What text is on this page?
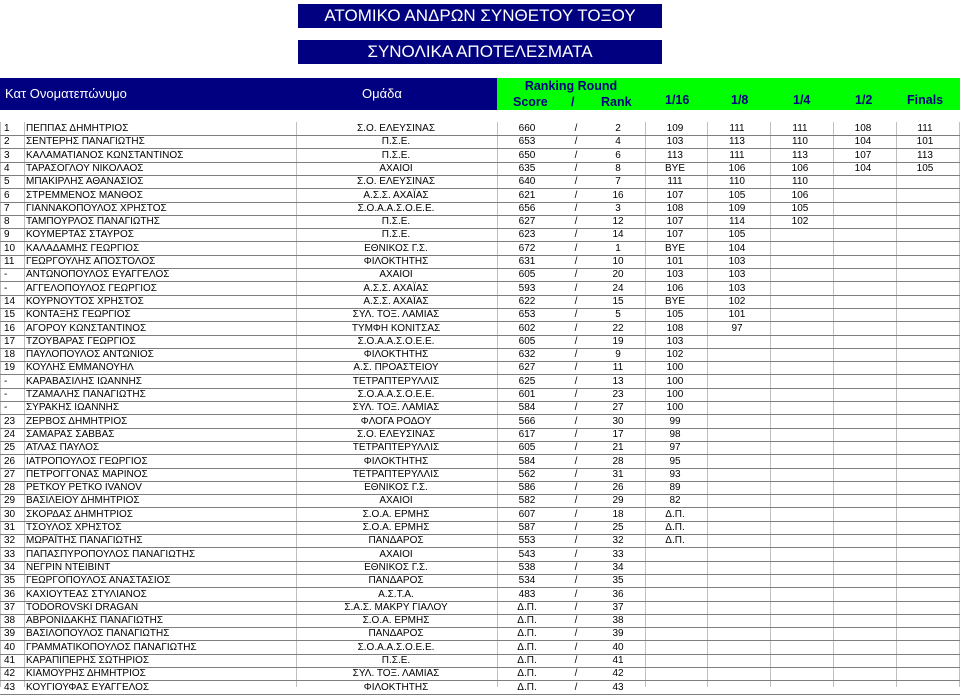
ΑΤΟΜΙΚΟ ΑΝΔΡΩΝ ΣΥΝΘΕΤΟΥ ΤΟΞΟΥ
ΣΥΝΟΛΙΚΑ ΑΠΟΤΕΛΕΣΜΑΤΑ
Κατ Ονοματεπώνυμο	Ομάδα	Ranking Round
Score / Rank	1/16	1/8	1/4	1/2	Finals
1	ΠΕΠΠΑΣ ΔΗΜΗΤΡΙΟΣ	Σ.Ο. ΕΛΕΥΣΙΝΑΣ	660	/	2	109	111	111	108	111
2	ΣΕΝΤΕΡΗΣ ΠΑΝΑΓΙΩΤΗΣ	Π.Σ.Ε.	653	/	4	103	113	110	104	101
3	ΚΑΛΑΜΑΤΙΑΝΟΣ ΚΩΝΣΤΑΝΤΙΝΟΣ	Π.Σ.Ε.	650	/	6	113	111	113	107	113
4	ΤΑΡΑΣΟΓΛΟΥ ΝΙΚΟΛΑΟΣ	ΑΧΑΙΟΙ	635	/	8	BYE	106	106	104	105
5	ΜΠΑΚΙΡΛΗΣ ΑΘΑΝΑΣΙΟΣ	Σ.Ο. ΕΛΕΥΣΙΝΑΣ	640	/	7	111	110	110
6	ΣΤΡΕΜΜΕΝΟΣ ΜΑΝΘΟΣ	Α.Σ.Σ. ΑΧΑΪΑΣ	621	/	16	107	105	106
7	ΓΙΑΝΝΑΚΟΠΟΥΛΟΣ ΧΡΗΣΤΟΣ	Σ.Ο.Α.Α.Σ.Ο.Ε.Ε.	656	/	3	108	109	105
8	ΤΑΜΠΟΥΡΛΟΣ ΠΑΝΑΓΙΩΤΗΣ	Π.Σ.Ε.	627	/	12	107	114	102
9	ΚΟΥΜΕΡΤΑΣ ΣΤΑΥΡΟΣ	Π.Σ.Ε.	623	/	14	107	105
10	ΚΑΛΑΔΑΜΗΣ ΓΕΩΡΓΙΟΣ	ΕΘΝΙΚΟΣ Γ.Σ.	672	/	1	BYE	104
11	ΓΕΩΡΓΟΥΛΗΣ ΑΠΟΣΤΟΛΟΣ	ΦΙΛΟΚΤΗΤΗΣ	631	/	10	101	103
-	ΑΝΤΩΝΟΠΟΥΛΟΣ ΕΥΑΓΓΕΛΟΣ	ΑΧΑΙΟΙ	605	/	20	103	103
-	ΑΓΓΕΛΟΠΟΥΛΟΣ ΓΕΩΡΓΙΟΣ	Α.Σ.Σ. ΑΧΑΪΑΣ	593	/	24	106	103
14	ΚΟΥΡΝΟΥΤΟΣ ΧΡΗΣΤΟΣ	Α.Σ.Σ. ΑΧΑΪΑΣ	622	/	15	BYE	102
15	ΚΟΝΤΑΞΗΣ ΓΕΩΡΓΙΟΣ	ΣΥΛ. ΤΟΞ. ΛΑΜΙΑΣ	653	/	5	105	101
16	ΑΓΟΡΟΥ ΚΩΝΣΤΑΝΤΙΝΟΣ	ΤΥΜΦΗ ΚΟΝΙΤΣΑΣ	602	/	22	108	97
17	ΤΖΟΥΒΑΡΑΣ ΓΕΩΡΓΙΟΣ	Σ.Ο.Α.Α.Σ.Ο.Ε.Ε.	605	/	19	103
18	ΠΑΥΛΟΠΟΥΛΟΣ ΑΝΤΩΝΙΟΣ	ΦΙΛΟΚΤΗΤΗΣ	632	/	9	102
19	ΚΟΥΛΗΣ ΕΜΜΑΝΟΥΗΛ	Α.Σ. ΠΡΟΑΣΤΕΙΟΥ	627	/	11	100
-	ΚΑΡΑΒΑΣΙΛΗΣ ΙΩΑΝΝΗΣ	ΤΕΤΡΑΠΤΕΡΥΛΛΙΣ	625	/	13	100
-	ΤΖΑΜΑΛΗΣ ΠΑΝΑΓΙΩΤΗΣ	Σ.Ο.Α.Α.Σ.Ο.Ε.Ε.	601	/	23	100
-	ΣΥΡΑΚΗΣ ΙΩΑΝΝΗΣ	ΣΥΛ. ΤΟΞ. ΛΑΜΙΑΣ	584	/	27	100
23	ΖΕΡΒΟΣ ΔΗΜΗΤΡΙΟΣ	ΦΛΟΓΑ ΡΟΔΟΥ	566	/	30	99
24	ΣΑΜΑΡΑΣ ΣΑΒΒΑΣ	Σ.Ο. ΕΛΕΥΣΙΝΑΣ	617	/	17	98
25	ΑΤΛΑΣ ΠΑΥΛΟΣ	ΤΕΤΡΑΠΤΕΡΥΛΛΙΣ	605	/	21	97
26	ΙΑΤΡΟΠΟΥΛΟΣ ΓΕΩΡΓΙΟΣ	ΦΙΛΟΚΤΗΤΗΣ	584	/	28	95
27	ΠΕΤΡΟΓΓΟΝΑΣ ΜΑΡΙΝΟΣ	ΤΕΤΡΑΠΤΕΡΥΛΛΙΣ	562	/	31	93
28	ΡΕΤΚΟΥ ΡΕΤΚΟ IVANOV	ΕΘΝΙΚΟΣ Γ.Σ.	586	/	26	89
29	ΒΑΣΙΛΕΙΟΥ ΔΗΜΗΤΡΙΟΣ	ΑΧΑΙΟΙ	582	/	29	82
30	ΣΚΟΡΔΑΣ ΔΗΜΗΤΡΙΟΣ	Σ.Ο.Α. ΕΡΜΗΣ	607	/	18	Δ.Π.
31	ΤΣΟΥΛΟΣ ΧΡΗΣΤΟΣ	Σ.Ο.Α. ΕΡΜΗΣ	587	/	25	Δ.Π.
32	ΜΩΡΑΪΤΗΣ ΠΑΝΑΓΙΩΤΗΣ	ΠΑΝΔΑΡΟΣ	553	/	32	Δ.Π.
33	ΠΑΠΑΣΠΥΡΟΠΟΥΛΟΣ ΠΑΝΑΓΙΩΤΗΣ	ΑΧΑΙΟΙ	543	/	33
34	ΝΕΓΡΙΝ ΝΤΕΙΒΙΝΤ	ΕΘΝΙΚΟΣ Γ.Σ.	538	/	34
35	ΓΕΩΡΓΟΠΟΥΛΟΣ ΑΝΑΣΤΑΣΙΟΣ	ΠΑΝΔΑΡΟΣ	534	/	35
36	ΚΑΧΙΟΥΤΕΑΣ ΣΤΥΛΙΑΝΟΣ	Α.Σ.Τ.Α.	483	/	36
37	TODOROVSKI DRAGAN	Σ.Α.Σ. ΜΑΚΡΥ ΓΙΑΛΟΥ	Δ.Π.	/	37
38	ΑΒΡΟΝΙΔΑΚΗΣ ΠΑΝΑΓΙΩΤΗΣ	Σ.Ο.Α. ΕΡΜΗΣ	Δ.Π.	/	38
39	ΒΑΣΙΛΟΠΟΥΛΟΣ ΠΑΝΑΓΙΩΤΗΣ	ΠΑΝΔΑΡΟΣ	Δ.Π.	/	39
40	ΓΡΑΜΜΑΤΙΚΟΠΟΥΛΟΣ ΠΑΝΑΓΙΩΤΗΣ	Σ.Ο.Α.Α.Σ.Ο.Ε.Ε.	Δ.Π.	/	40
41	ΚΑΡΑΠΙΠΕΡΗΣ ΣΩΤΗΡΙΟΣ	Π.Σ.Ε.	Δ.Π.	/	41
42	ΚΙΑΜΟΥΡΗΣ ΔΗΜΗΤΡΙΟΣ	ΣΥΛ. ΤΟΞ. ΛΑΜΙΑΣ	Δ.Π.	/	42
43	ΚΟΥΓΙΟΥΦΑΣ ΕΥΑΓΓΕΛΟΣ	ΦΙΛΟΚΤΗΤΗΣ	Δ.Π.	/	43
